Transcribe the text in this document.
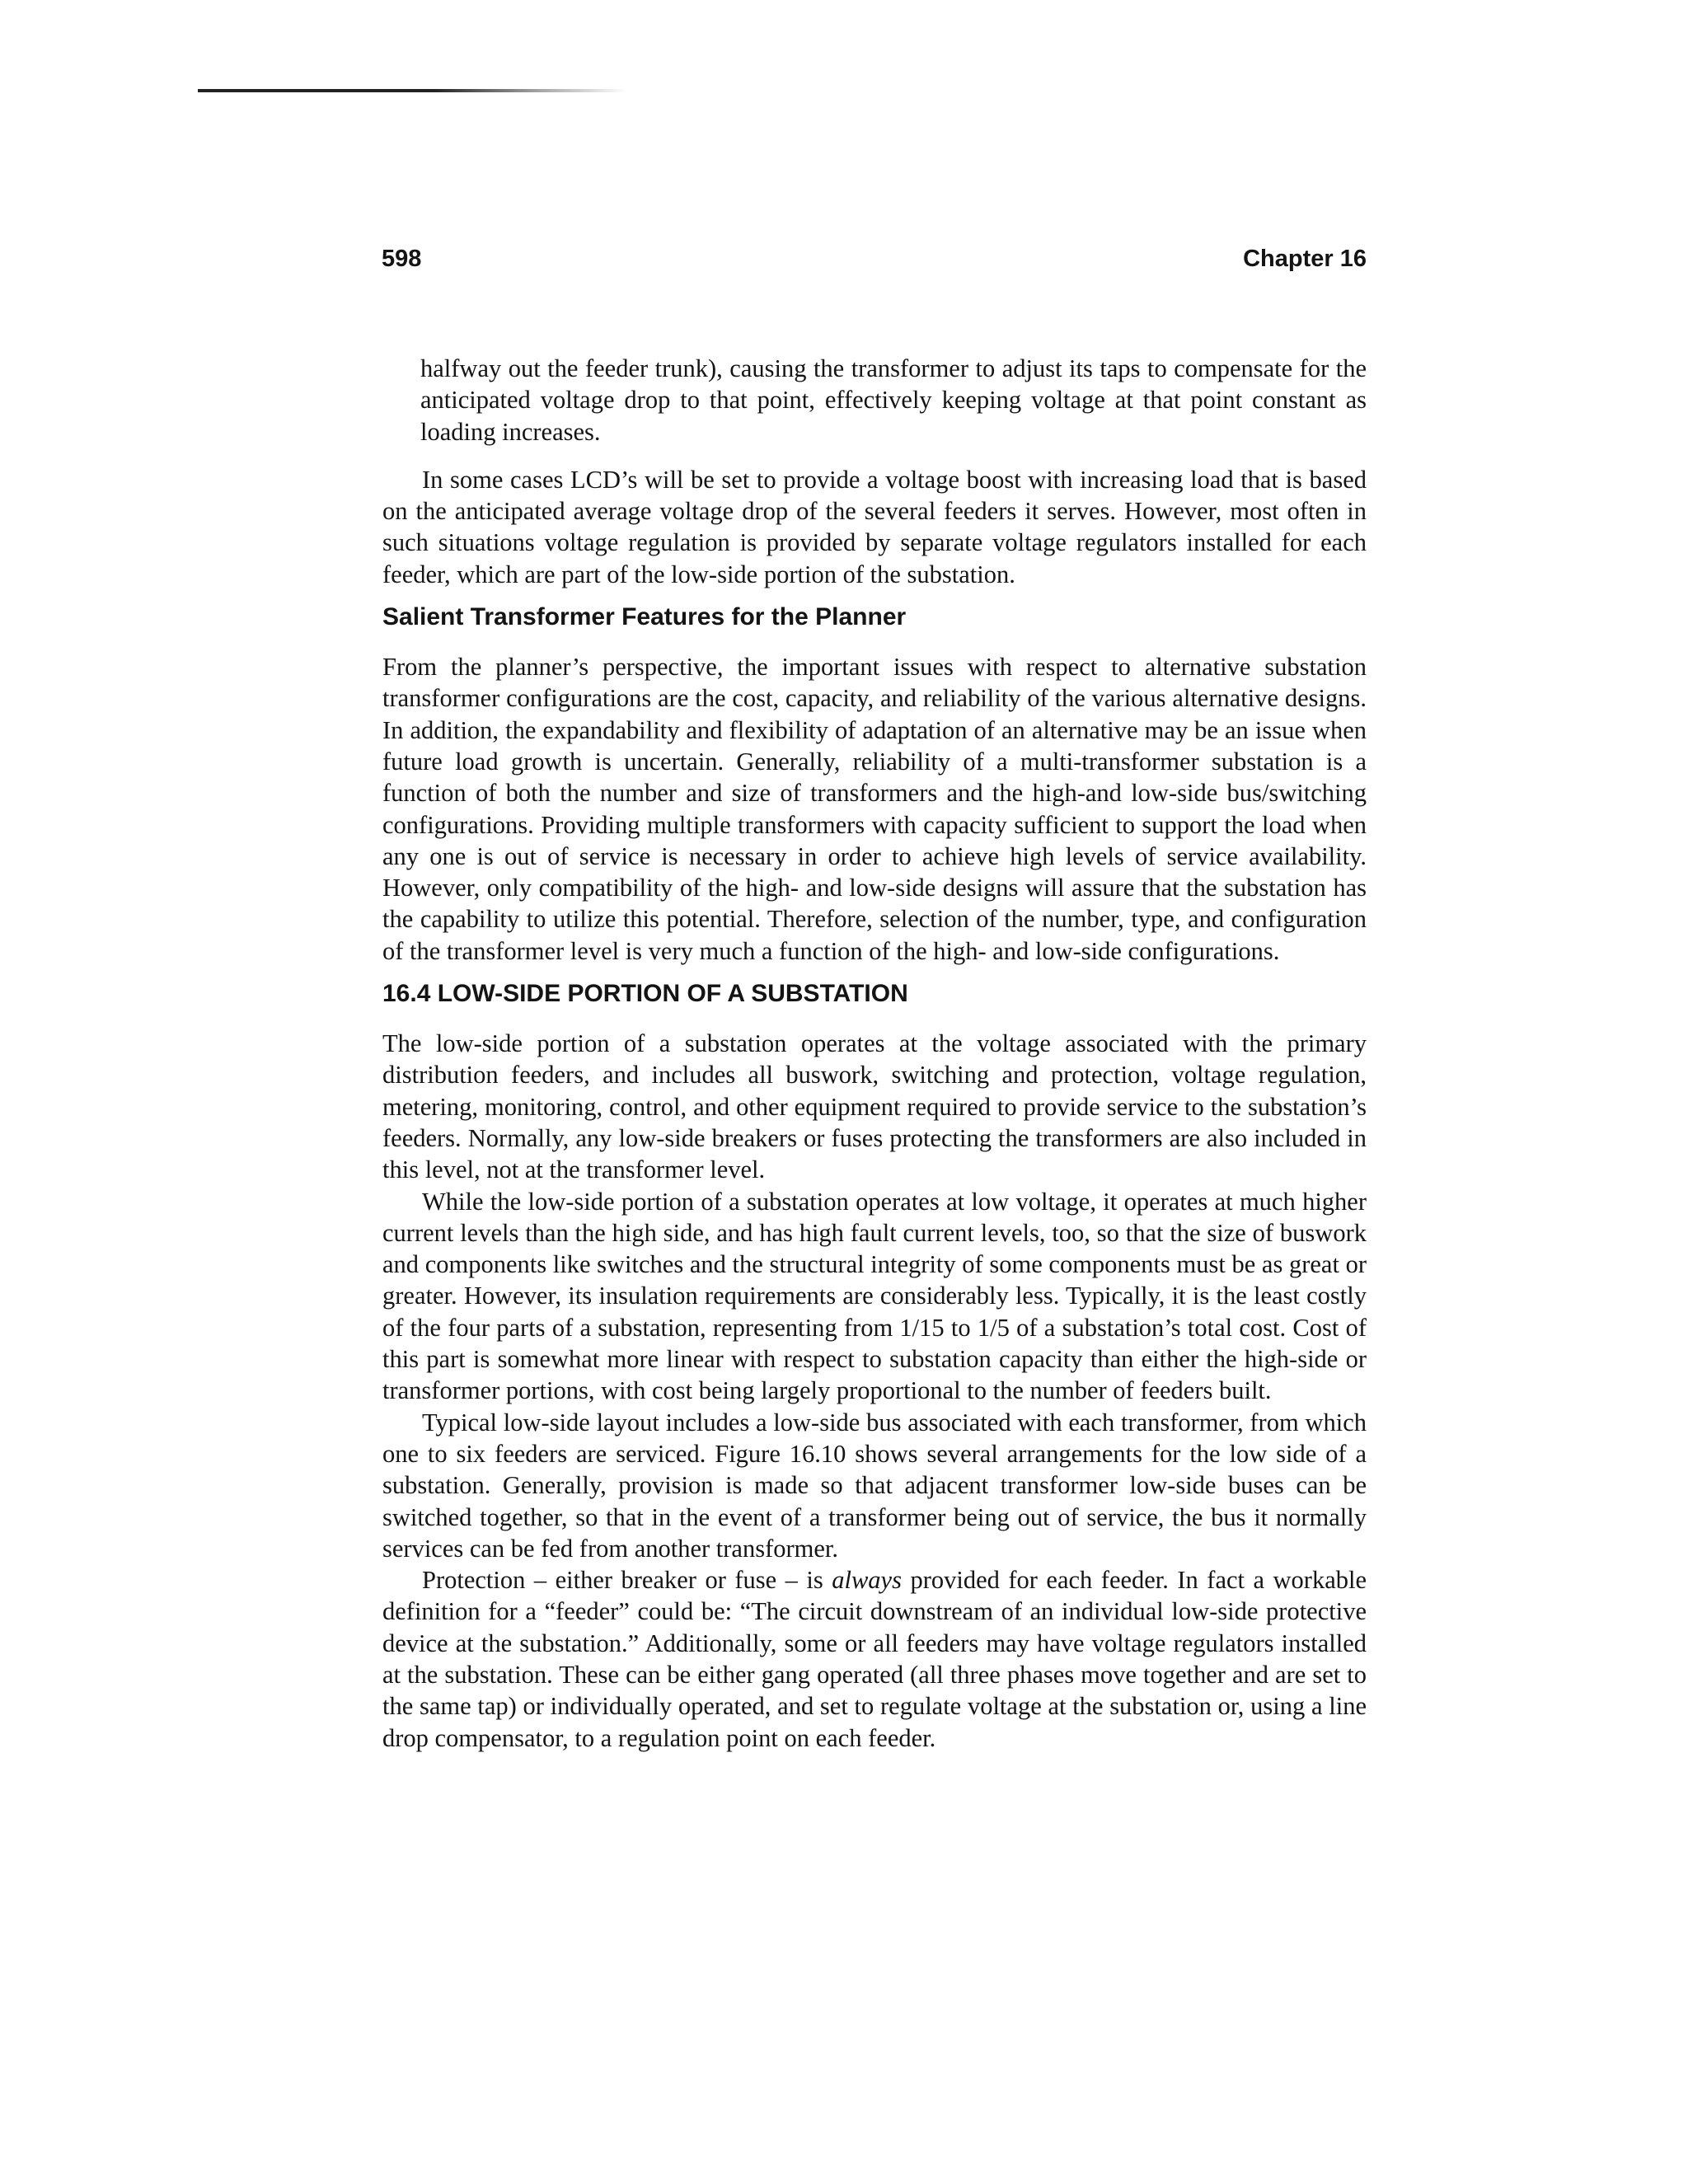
598	Chapter 16

halfway out the feeder trunk), causing the transformer to adjust its taps to compensate for the anticipated voltage drop to that point, effectively keeping voltage at that point constant as loading increases.

In some cases LCD’s will be set to provide a voltage boost with increasing load that is based on the anticipated average voltage drop of the several feeders it serves. However, most often in such situations voltage regulation is provided by separate voltage regulators installed for each feeder, which are part of the low-side portion of the substation.

Salient Transformer Features for the Planner

From the planner’s perspective, the important issues with respect to alternative substation transformer configurations are the cost, capacity, and reliability of the various alternative designs. In addition, the expandability and flexibility of adaptation of an alternative may be an issue when future load growth is uncertain. Generally, reliability of a multi-transformer substation is a function of both the number and size of transformers and the high-and low-side bus/switching configurations. Providing multiple transformers with capacity sufficient to support the load when any one is out of service is necessary in order to achieve high levels of service availability. However, only compatibility of the high- and low-side designs will assure that the substation has the capability to utilize this potential. Therefore, selection of the number, type, and configuration of the transformer level is very much a function of the high- and low-side configurations.

16.4 LOW-SIDE PORTION OF A SUBSTATION

The low-side portion of a substation operates at the voltage associated with the primary distribution feeders, and includes all buswork, switching and protection, voltage regulation, metering, monitoring, control, and other equipment required to provide service to the substation’s feeders. Normally, any low-side breakers or fuses protecting the transformers are also included in this level, not at the transformer level.

While the low-side portion of a substation operates at low voltage, it operates at much higher current levels than the high side, and has high fault current levels, too, so that the size of buswork and components like switches and the structural integrity of some components must be as great or greater. However, its insulation requirements are considerably less. Typically, it is the least costly of the four parts of a substation, representing from 1/15 to 1/5 of a substation’s total cost. Cost of this part is somewhat more linear with respect to substation capacity than either the high-side or transformer portions, with cost being largely proportional to the number of feeders built.

Typical low-side layout includes a low-side bus associated with each transformer, from which one to six feeders are serviced. Figure 16.10 shows several arrangements for the low side of a substation. Generally, provision is made so that adjacent transformer low-side buses can be switched together, so that in the event of a transformer being out of service, the bus it normally services can be fed from another transformer.

Protection – either breaker or fuse – is always provided for each feeder. In fact a workable definition for a “feeder” could be: “The circuit downstream of an individual low-side protective device at the substation.” Additionally, some or all feeders may have voltage regulators installed at the substation. These can be either gang operated (all three phases move together and are set to the same tap) or individually operated, and set to regulate voltage at the substation or, using a line drop compensator, to a regulation point on each feeder.
